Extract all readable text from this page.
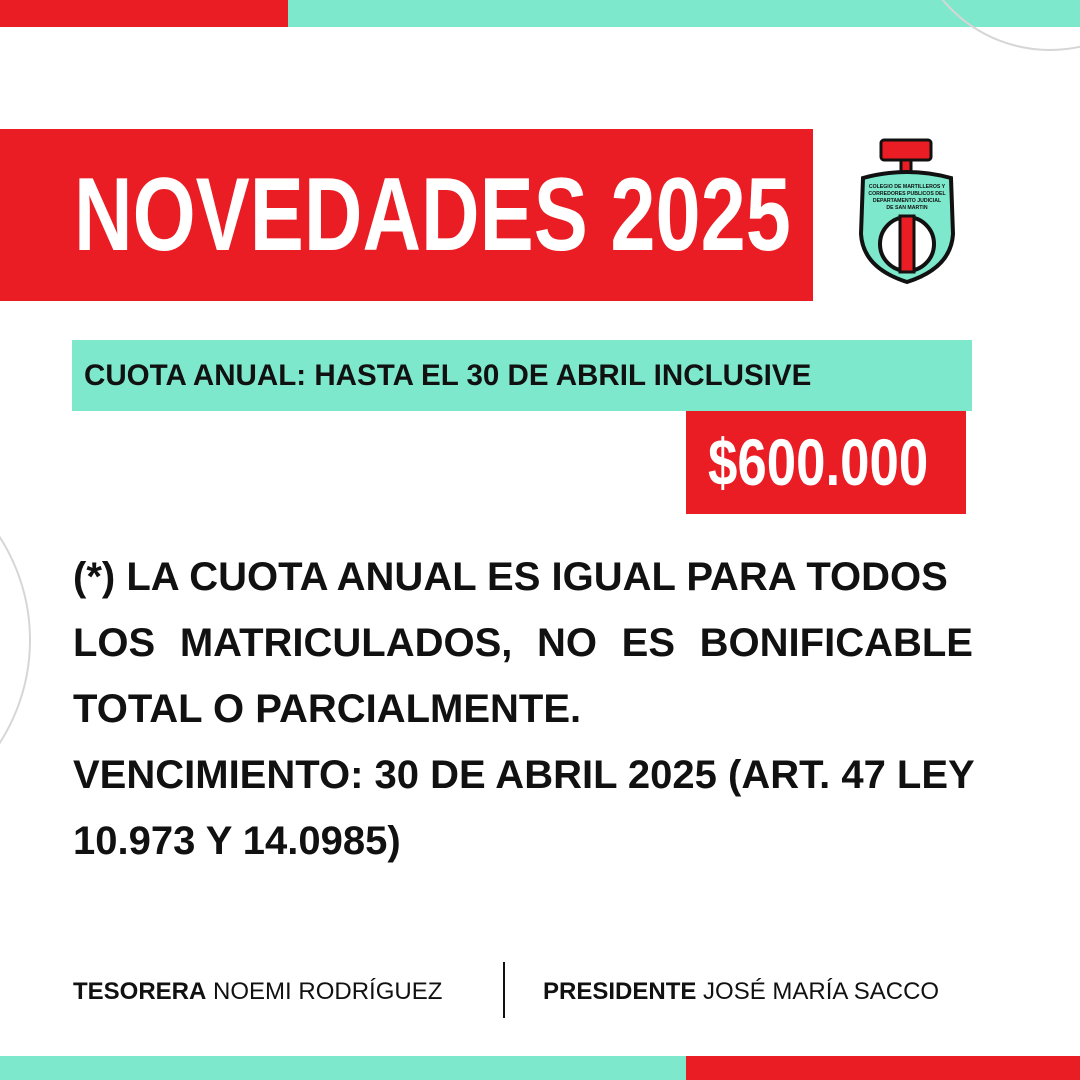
NOVEDADES 2025	COLEGIO DE MARTILLEROS Y
CORREDORES PUBLICOS DEL
DEPARTAMENTO JUDICIAL
DE SAN MARTIN
CUOTA ANUAL: HASTA EL 30 DE ABRIL INCLUSIVE
$600.000
(*) LA CUOTA ANUAL ES IGUAL PARA TODOS
LOS MATRICULADOS, NO ES BONIFICABLE
TOTAL O PARCIALMENTE.
VENCIMIENTO: 30 DE ABRIL 2025 (ART. 47 LEY
10.973 Y 14.0985)
TESORERA NOEMI RODRÍGUEZ	PRESIDENTE JOSÉ MARÍA SACCO
